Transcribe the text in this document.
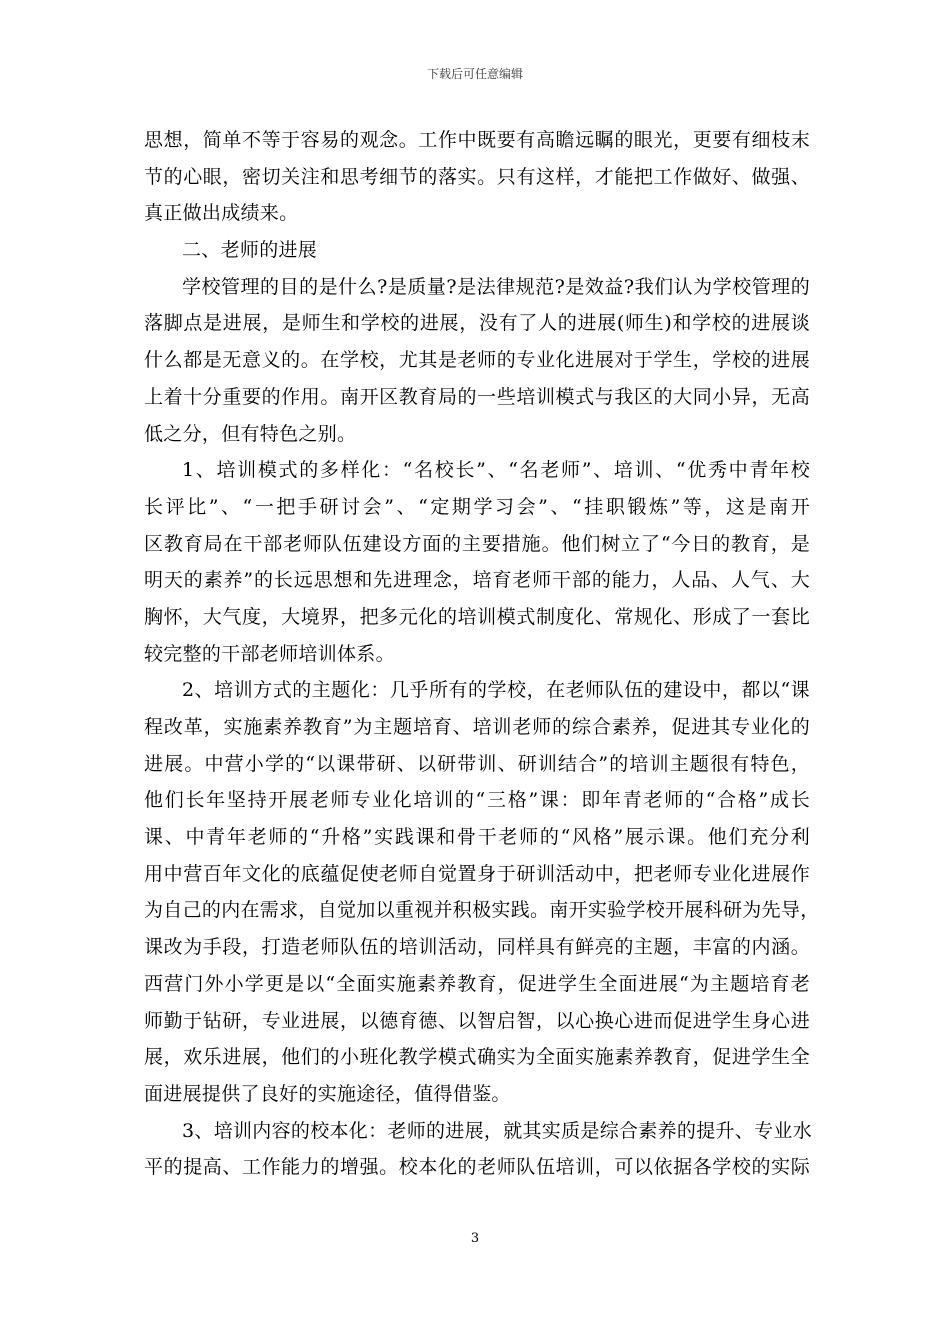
下载后可任意编辑
思想，简单不等于容易的观念。工作中既要有高瞻远瞩的眼光，更要有细枝末
节的心眼，密切关注和思考细节的落实。只有这样，才能把工作做好、做强、
真正做出成绩来。
二、老师的进展
学校管理的目的是什么?是质量?是法律规范?是效益?我们认为学校管理的
落脚点是进展，是师生和学校的进展，没有了人的进展(师生)和学校的进展谈
什么都是无意义的。在学校，尤其是老师的专业化进展对于学生，学校的进展
上着十分重要的作用。南开区教育局的一些培训模式与我区的大同小异，无高
低之分，但有特色之别。
1、培训模式的多样化：“名校长”、“名老师”、培训、“优秀中青年校
长评比”、“一把手研讨会”、“定期学习会”、“挂职锻炼”等，这是南开
区教育局在干部老师队伍建设方面的主要措施。他们树立了“今日的教育，是
明天的素养”的长远思想和先进理念，培育老师干部的能力，人品、人气、大
胸怀，大气度，大境界，把多元化的培训模式制度化、常规化、形成了一套比
较完整的干部老师培训体系。
2、培训方式的主题化：几乎所有的学校，在老师队伍的建设中，都以“课
程改革，实施素养教育”为主题培育、培训老师的综合素养，促进其专业化的
进展。中营小学的“以课带研、以研带训、研训结合”的培训主题很有特色，
他们长年坚持开展老师专业化培训的“三格”课：即年青老师的“合格”成长
课、中青年老师的“升格”实践课和骨干老师的“风格”展示课。他们充分利
用中营百年文化的底蕴促使老师自觉置身于研训活动中，把老师专业化进展作
为自己的内在需求，自觉加以重视并积极实践。南开实验学校开展科研为先导，
课改为手段，打造老师队伍的培训活动，同样具有鲜亮的主题，丰富的内涵。
西营门外小学更是以“全面实施素养教育，促进学生全面进展“为主题培育老
师勤于钻研，专业进展，以德育德、以智启智，以心换心进而促进学生身心进
展，欢乐进展，他们的小班化教学模式确实为全面实施素养教育，促进学生全
面进展提供了良好的实施途径，值得借鉴。
3、培训内容的校本化：老师的进展，就其实质是综合素养的提升、专业水
平的提高、工作能力的增强。校本化的老师队伍培训，可以依据各学校的实际
3
